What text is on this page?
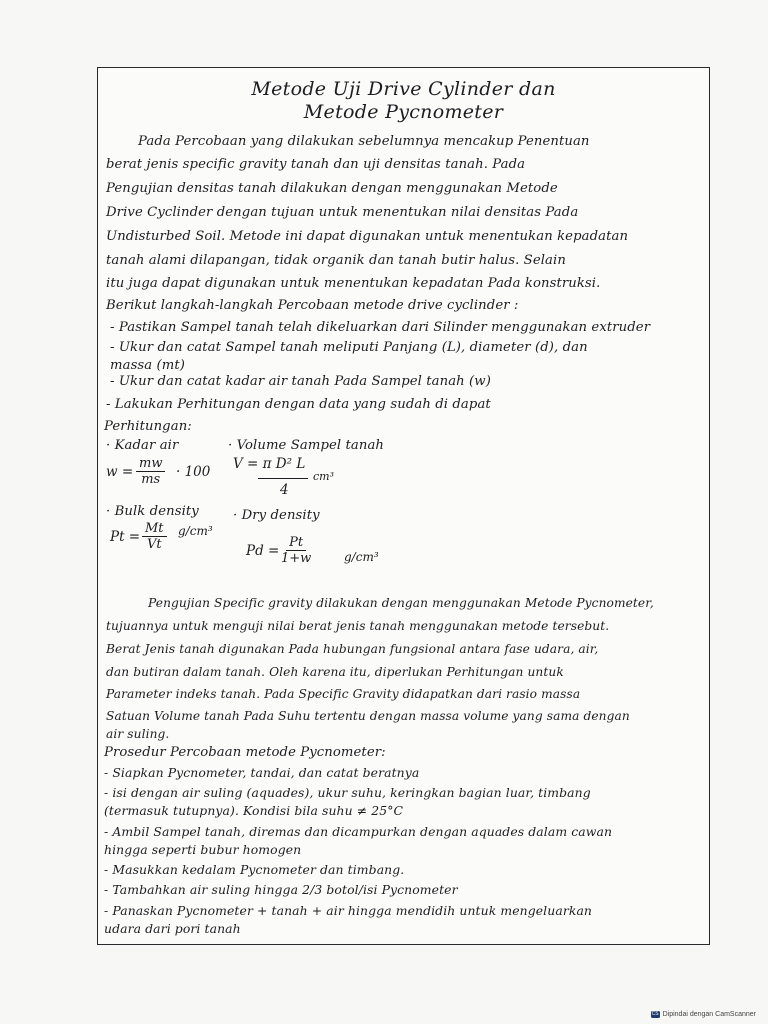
Metode Uji Drive Cylinder dan
Metode Pycnometer
Pada Percobaan yang dilakukan sebelumnya mencakup Penentuan
berat jenis specific gravity tanah dan uji densitas tanah. Pada
Pengujian densitas tanah dilakukan dengan menggunakan Metode
Drive Cyclinder dengan tujuan untuk menentukan nilai densitas Pada
Undisturbed Soil. Metode ini dapat digunakan untuk menentukan kepadatan
tanah alami dilapangan, tidak organik dan tanah butir halus. Selain
itu juga dapat digunakan untuk menentukan kepadatan Pada konstruksi.
Berikut langkah-langkah Percobaan metode drive cyclinder :
- Pastikan Sampel tanah telah dikeluarkan dari Silinder menggunakan extruder
- Ukur dan catat Sampel tanah meliputi Panjang (L), diameter (d), dan
massa (mt)
- Ukur dan catat kadar air tanah Pada Sampel tanah (w)
- Lakukan Perhitungan dengan data yang sudah di dapat
Perhitungan:
· Kadar air	· Volume Sampel tanah
$w = \frac{mw}{ms} \cdot 100$ V = π D² L
cm³
4
· Bulk density	· Dry density
$Pt = \frac{Mt}{Vt} g/cm^3$
Pd =
$\frac{Pt}{1+w} g/cm^3$
Pengujian Specific gravity dilakukan dengan menggunakan Metode Pycnometer,
tujuannya untuk menguji nilai berat jenis tanah menggunakan metode tersebut.
Berat Jenis tanah digunakan Pada hubungan fungsional antara fase udara, air,
dan butiran dalam tanah. Oleh karena itu, diperlukan Perhitungan untuk
Parameter indeks tanah. Pada Specific Gravity didapatkan dari rasio massa
Satuan Volume tanah Pada Suhu tertentu dengan massa volume yang sama dengan
air suling.
Prosedur Percobaan metode Pycnometer:
- Siapkan Pycnometer, tandai, dan catat beratnya
- isi dengan air suling (aquades), ukur suhu, keringkan bagian luar, timbang
(termasuk tutupnya). Kondisi bila suhu ≠ 25°C
- Ambil Sampel tanah, diremas dan dicampurkan dengan aquades dalam cawan
hingga seperti bubur homogen
- Masukkan kedalam Pycnometer dan timbang.
- Tambahkan air suling hingga 2/3 botol/isi Pycnometer
- Panaskan Pycnometer + tanah + air hingga mendidih untuk mengeluarkan
udara dari pori tanah
CS Dipindai dengan CamScanner
